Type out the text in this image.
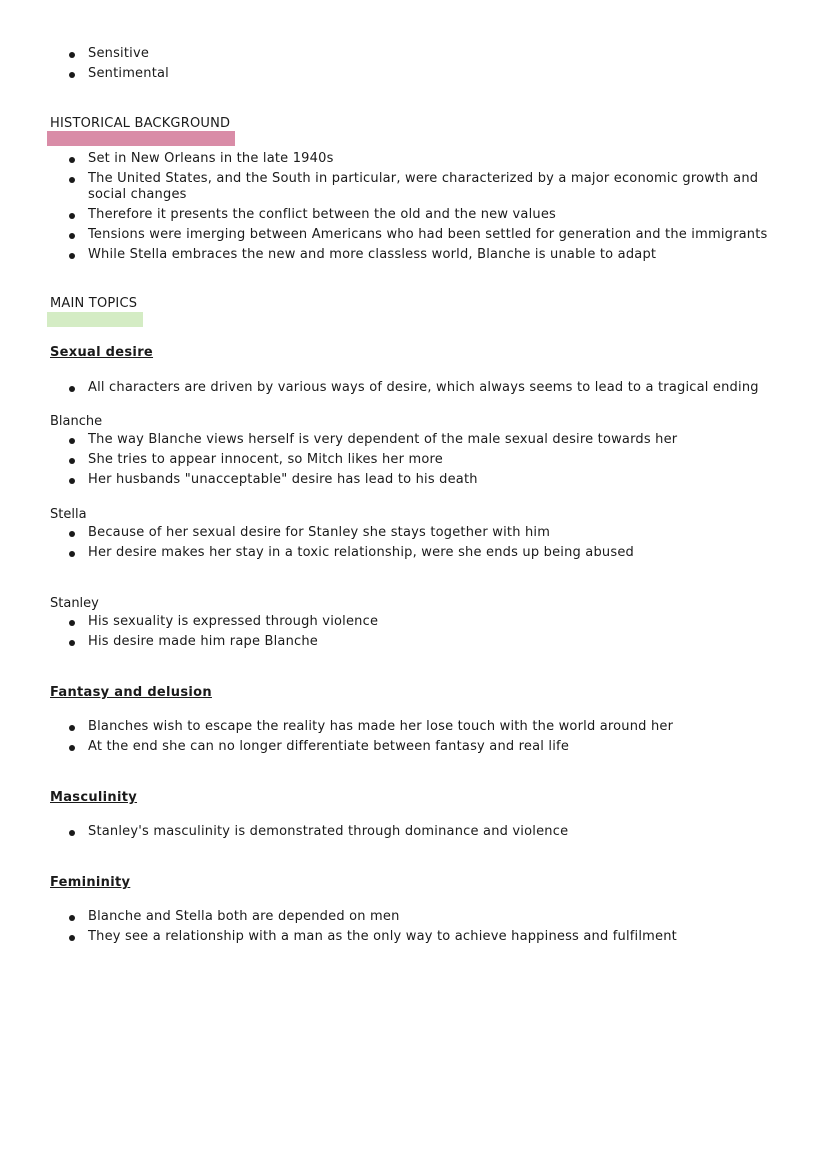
Sensitive
Sentimental
HISTORICAL BACKGROUND
Set in New Orleans in the late 1940s
The United States, and the South in particular, were characterized by a major economic growth and social changes
Therefore it presents the conflict between the old and the new values
Tensions were imerging between Americans who had been settled for generation and the immigrants
While Stella embraces the new and more classless world, Blanche is unable to adapt
MAIN TOPICS
Sexual desire
All characters are driven by various ways of desire, which always seems to lead to a tragical ending
Blanche
The way Blanche views herself is very dependent of the male sexual desire towards her
She tries to appear innocent, so Mitch likes her more
Her husbands "unacceptable" desire has lead to his death
Stella
Because of her sexual desire for Stanley she stays together with him
Her desire makes her stay in a toxic relationship, were she ends up being abused
Stanley
His sexuality is expressed through violence
His desire made him rape Blanche
Fantasy and delusion
Blanches wish to escape the reality has made her lose touch with the world around her
At the end she can no longer differentiate between fantasy and real life
Masculinity
Stanley's masculinity is demonstrated through dominance and violence
Femininity
Blanche and Stella both are depended on men
They see a relationship with a man as the only way to achieve happiness and fulfilment
